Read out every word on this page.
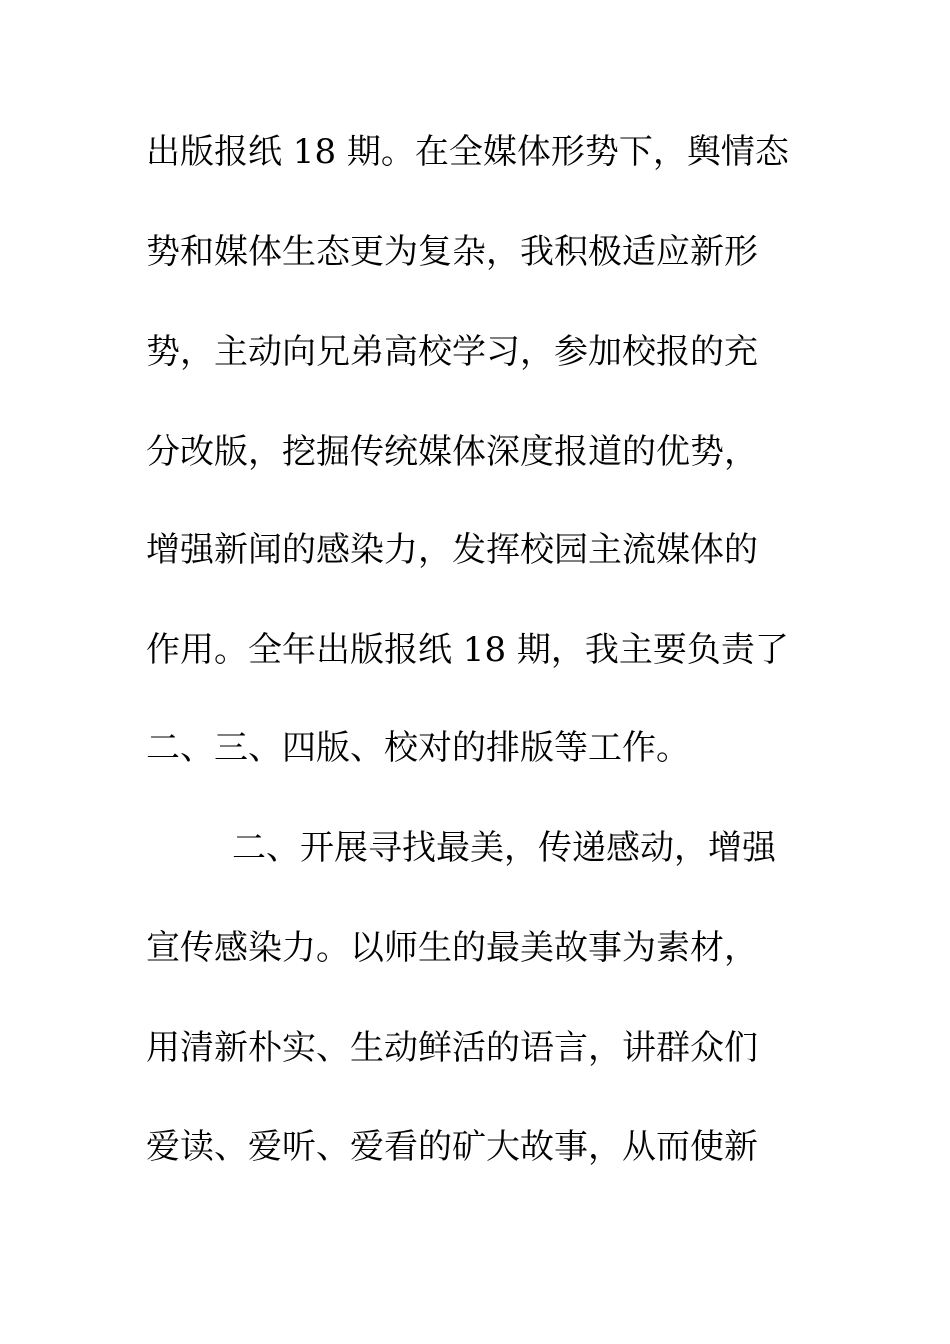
出版报纸 18 期。在全媒体形势下，舆情态
势和媒体生态更为复杂，我积极适应新形
势，主动向兄弟高校学习，参加校报的充
分改版，挖掘传统媒体深度报道的优势，
增强新闻的感染力，发挥校园主流媒体的
作用。全年出版报纸 18 期，我主要负责了
二、三、四版、校对的排版等工作。
二、开展寻找最美，传递感动，增强
宣传感染力。以师生的最美故事为素材，
用清新朴实、生动鲜活的语言，讲群众们
爱读、爱听、爱看的矿大故事，从而使新
